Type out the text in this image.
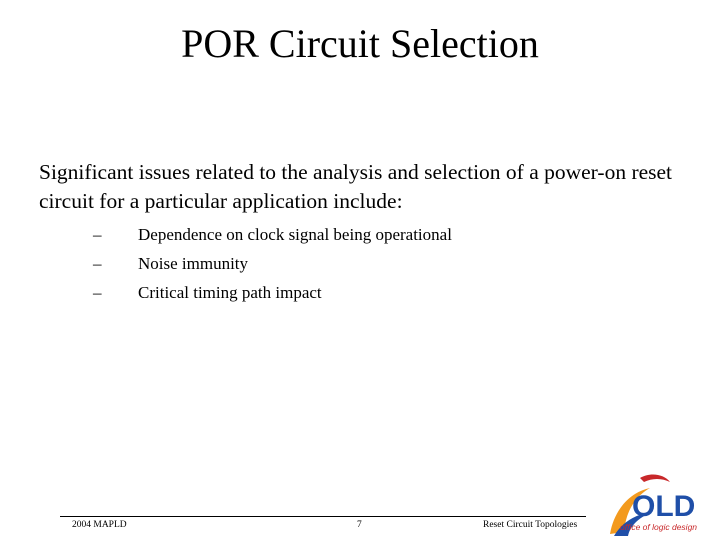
POR Circuit Selection
Significant issues related to the analysis and selection of a power-on reset circuit for a particular application include:
– Dependence on clock signal being operational
– Noise immunity
– Critical timing path impact
2004 MAPLD	7	Reset Circuit Topologies
OLD
office of logic design
